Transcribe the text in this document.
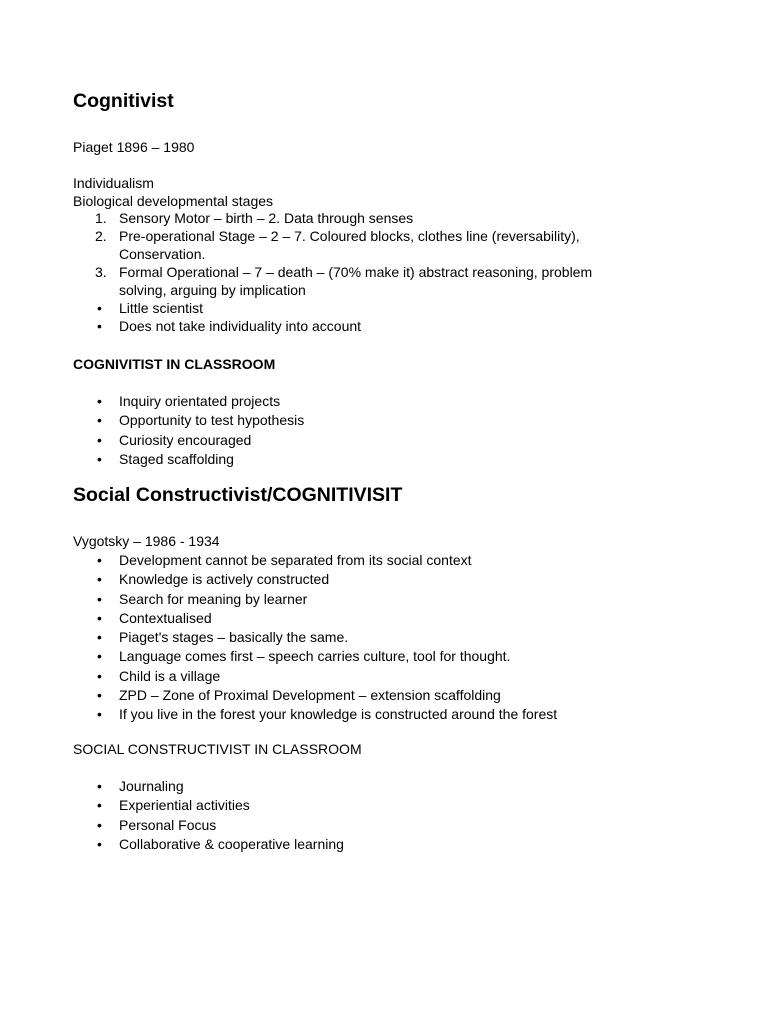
Cognitivist

Piaget 1896 – 1980

Individualism

Biological developmental stages

1. Sensory Motor – birth – 2. Data through senses
2. Pre-operational Stage – 2 – 7. Coloured blocks, clothes line (reversability),
Conservation.
3. Formal Operational – 7 – death – (70% make it) abstract reasoning, problem
solving, arguing by implication
• Little scientist
• Does not take individuality into account
COGNIVITIST IN CLASSROOM
• Inquiry orientated projects
• Opportunity to test hypothesis
• Curiosity encouraged
• Staged scaffolding
Social Constructivist/COGNITIVISIT

Vygotsky – 1986 - 1934

• Development cannot be separated from its social context
• Knowledge is actively constructed
• Search for meaning by learner
• Contextualised
• Piaget's stages – basically the same.
• Language comes first – speech carries culture, tool for thought.
• Child is a village
• ZPD – Zone of Proximal Development – extension scaffolding
• If you live in the forest your knowledge is constructed around the forest

SOCIAL CONSTRUCTIVIST IN CLASSROOM

• Journaling
• Experiential activities
• Personal Focus
• Collaborative & cooperative learning
